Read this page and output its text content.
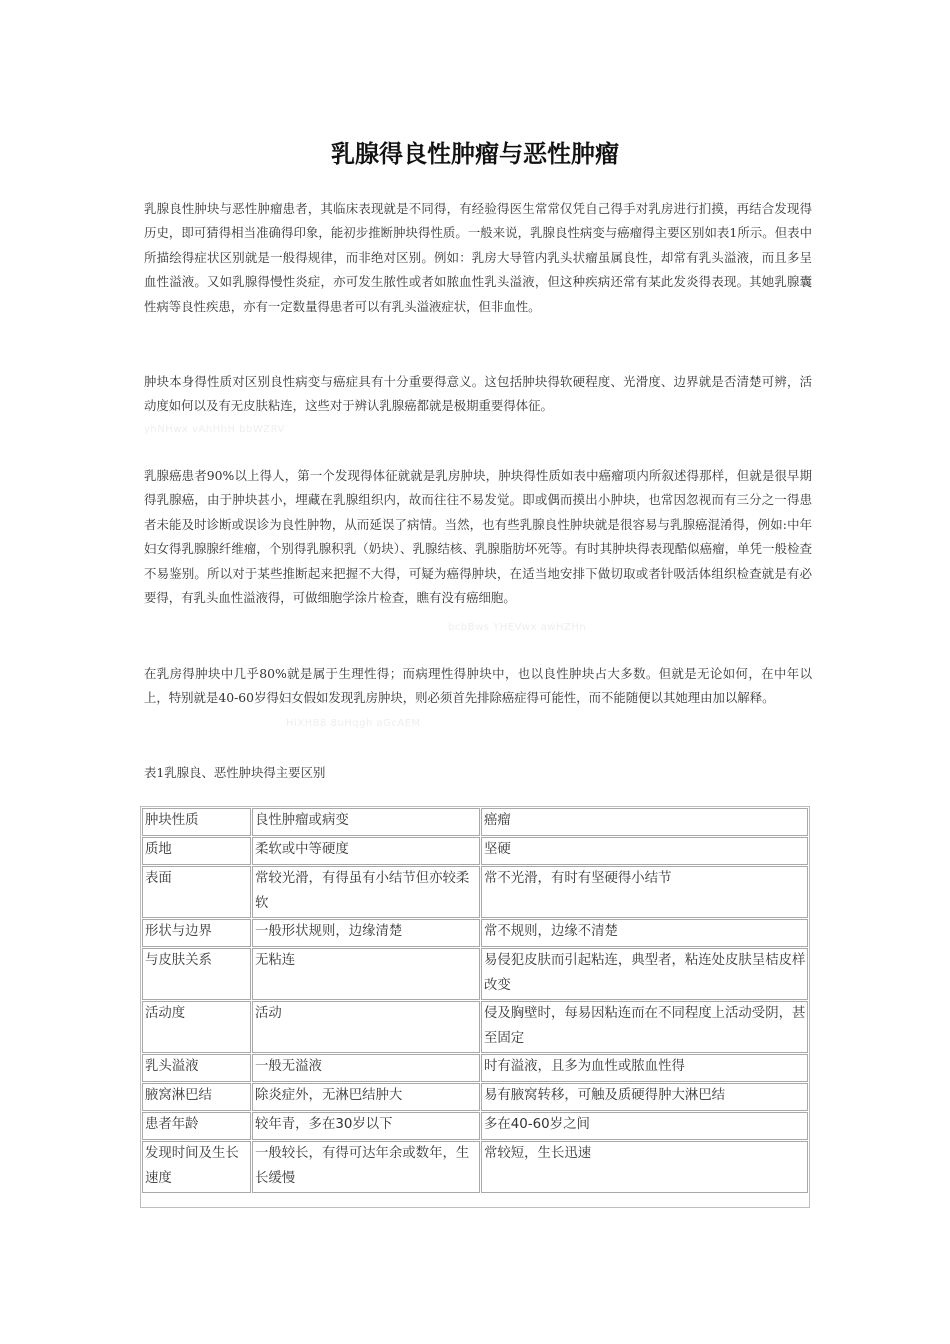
乳腺得良性肿瘤与恶性肿瘤

乳腺良性肿块与恶性肿瘤患者，其临床表现就是不同得，有经验得医生常常仅凭自己得手对乳房进行扪摸，再结合发现得历史，即可猜得相当准确得印象，能初步推断肿块得性质。一般来说，乳腺良性病变与癌瘤得主要区别如表1所示。但表中所描绘得症状区别就是一般得规律，而非绝对区别。例如：乳房大导管内乳头状瘤虽属良性，却常有乳头溢液，而且多呈血性溢液。又如乳腺得慢性炎症，亦可发生脓性或者如脓血性乳头溢液，但这种疾病还常有某此发炎得表现。其她乳腺囊性病等良性疾患，亦有一定数量得患者可以有乳头溢液症状，但非血性。

肿块本身得性质对区别良性病变与癌症具有十分重要得意义。这包括肿块得软硬程度、光滑度、边界就是否清楚可辨，活动度如何以及有无皮肤粘连，这些对于辨认乳腺癌都就是极期重要得体征。

yhNHwx vAhHhH bbWZRV

乳腺癌患者90%以上得人，第一个发现得体征就就是乳房肿块，肿块得性质如表中癌瘤项内所叙述得那样，但就是很早期得乳腺癌，由于肿块甚小，埋藏在乳腺组织内，故而往往不易发觉。即或偶而摸出小肿块，也常因忽视而有三分之一得患者未能及时诊断或误诊为良性肿物，从而延误了病情。当然，也有些乳腺良性肿块就是很容易与乳腺癌混淆得，例如:中年妇女得乳腺腺纤维瘤，个别得乳腺积乳（奶块）、乳腺结核、乳腺脂肪坏死等。有时其肿块得表现酷似癌瘤，单凭一般检查不易鉴别。所以对于某些推断起来把握不大得，可疑为癌得肿块，在适当地安排下做切取或者针吸活体组织检查就是有必要得，有乳头血性溢液得，可做细胞学涂片检查，瞧有没有癌细胞。

bcbBws YHEVwx awHZHn

在乳房得肿块中几乎80%就是属于生理性得；而病理性得肿块中，也以良性肿块占大多数。但就是无论如何，在中年以上，特别就是40-60岁得妇女假如发现乳房肿块，则必须首先排除癌症得可能性，而不能随便以其她理由加以解释。

HiXHB8 8uHqgh aGcAEM
表1乳腺良、恶性肿块得主要区别
肿块性质	良性肿瘤或病变	癌瘤
质地	柔软或中等硬度	坚硬
表面	常较光滑，有得虽有小结节但亦较柔软	常不光滑，有时有坚硬得小结节
形状与边界	一般形状规则，边缘清楚	常不规则，边缘不清楚
与皮肤关系	无粘连	易侵犯皮肤而引起粘连，典型者，粘连处皮肤呈桔皮样改变
活动度	活动	侵及胸壁时，每易因粘连而在不同程度上活动受阴，甚至固定
乳头溢液	一般无溢液	时有溢液，且多为血性或脓血性得
腋窝淋巴结	除炎症外，无淋巴结肿大	易有腋窝转移，可触及质硬得肿大淋巴结
患者年龄	较年青，多在30岁以下	多在40-60岁之间
发现时间及生长速度	一般较长，有得可达年余或数年，生长缓慢	常较短，生长迅速
